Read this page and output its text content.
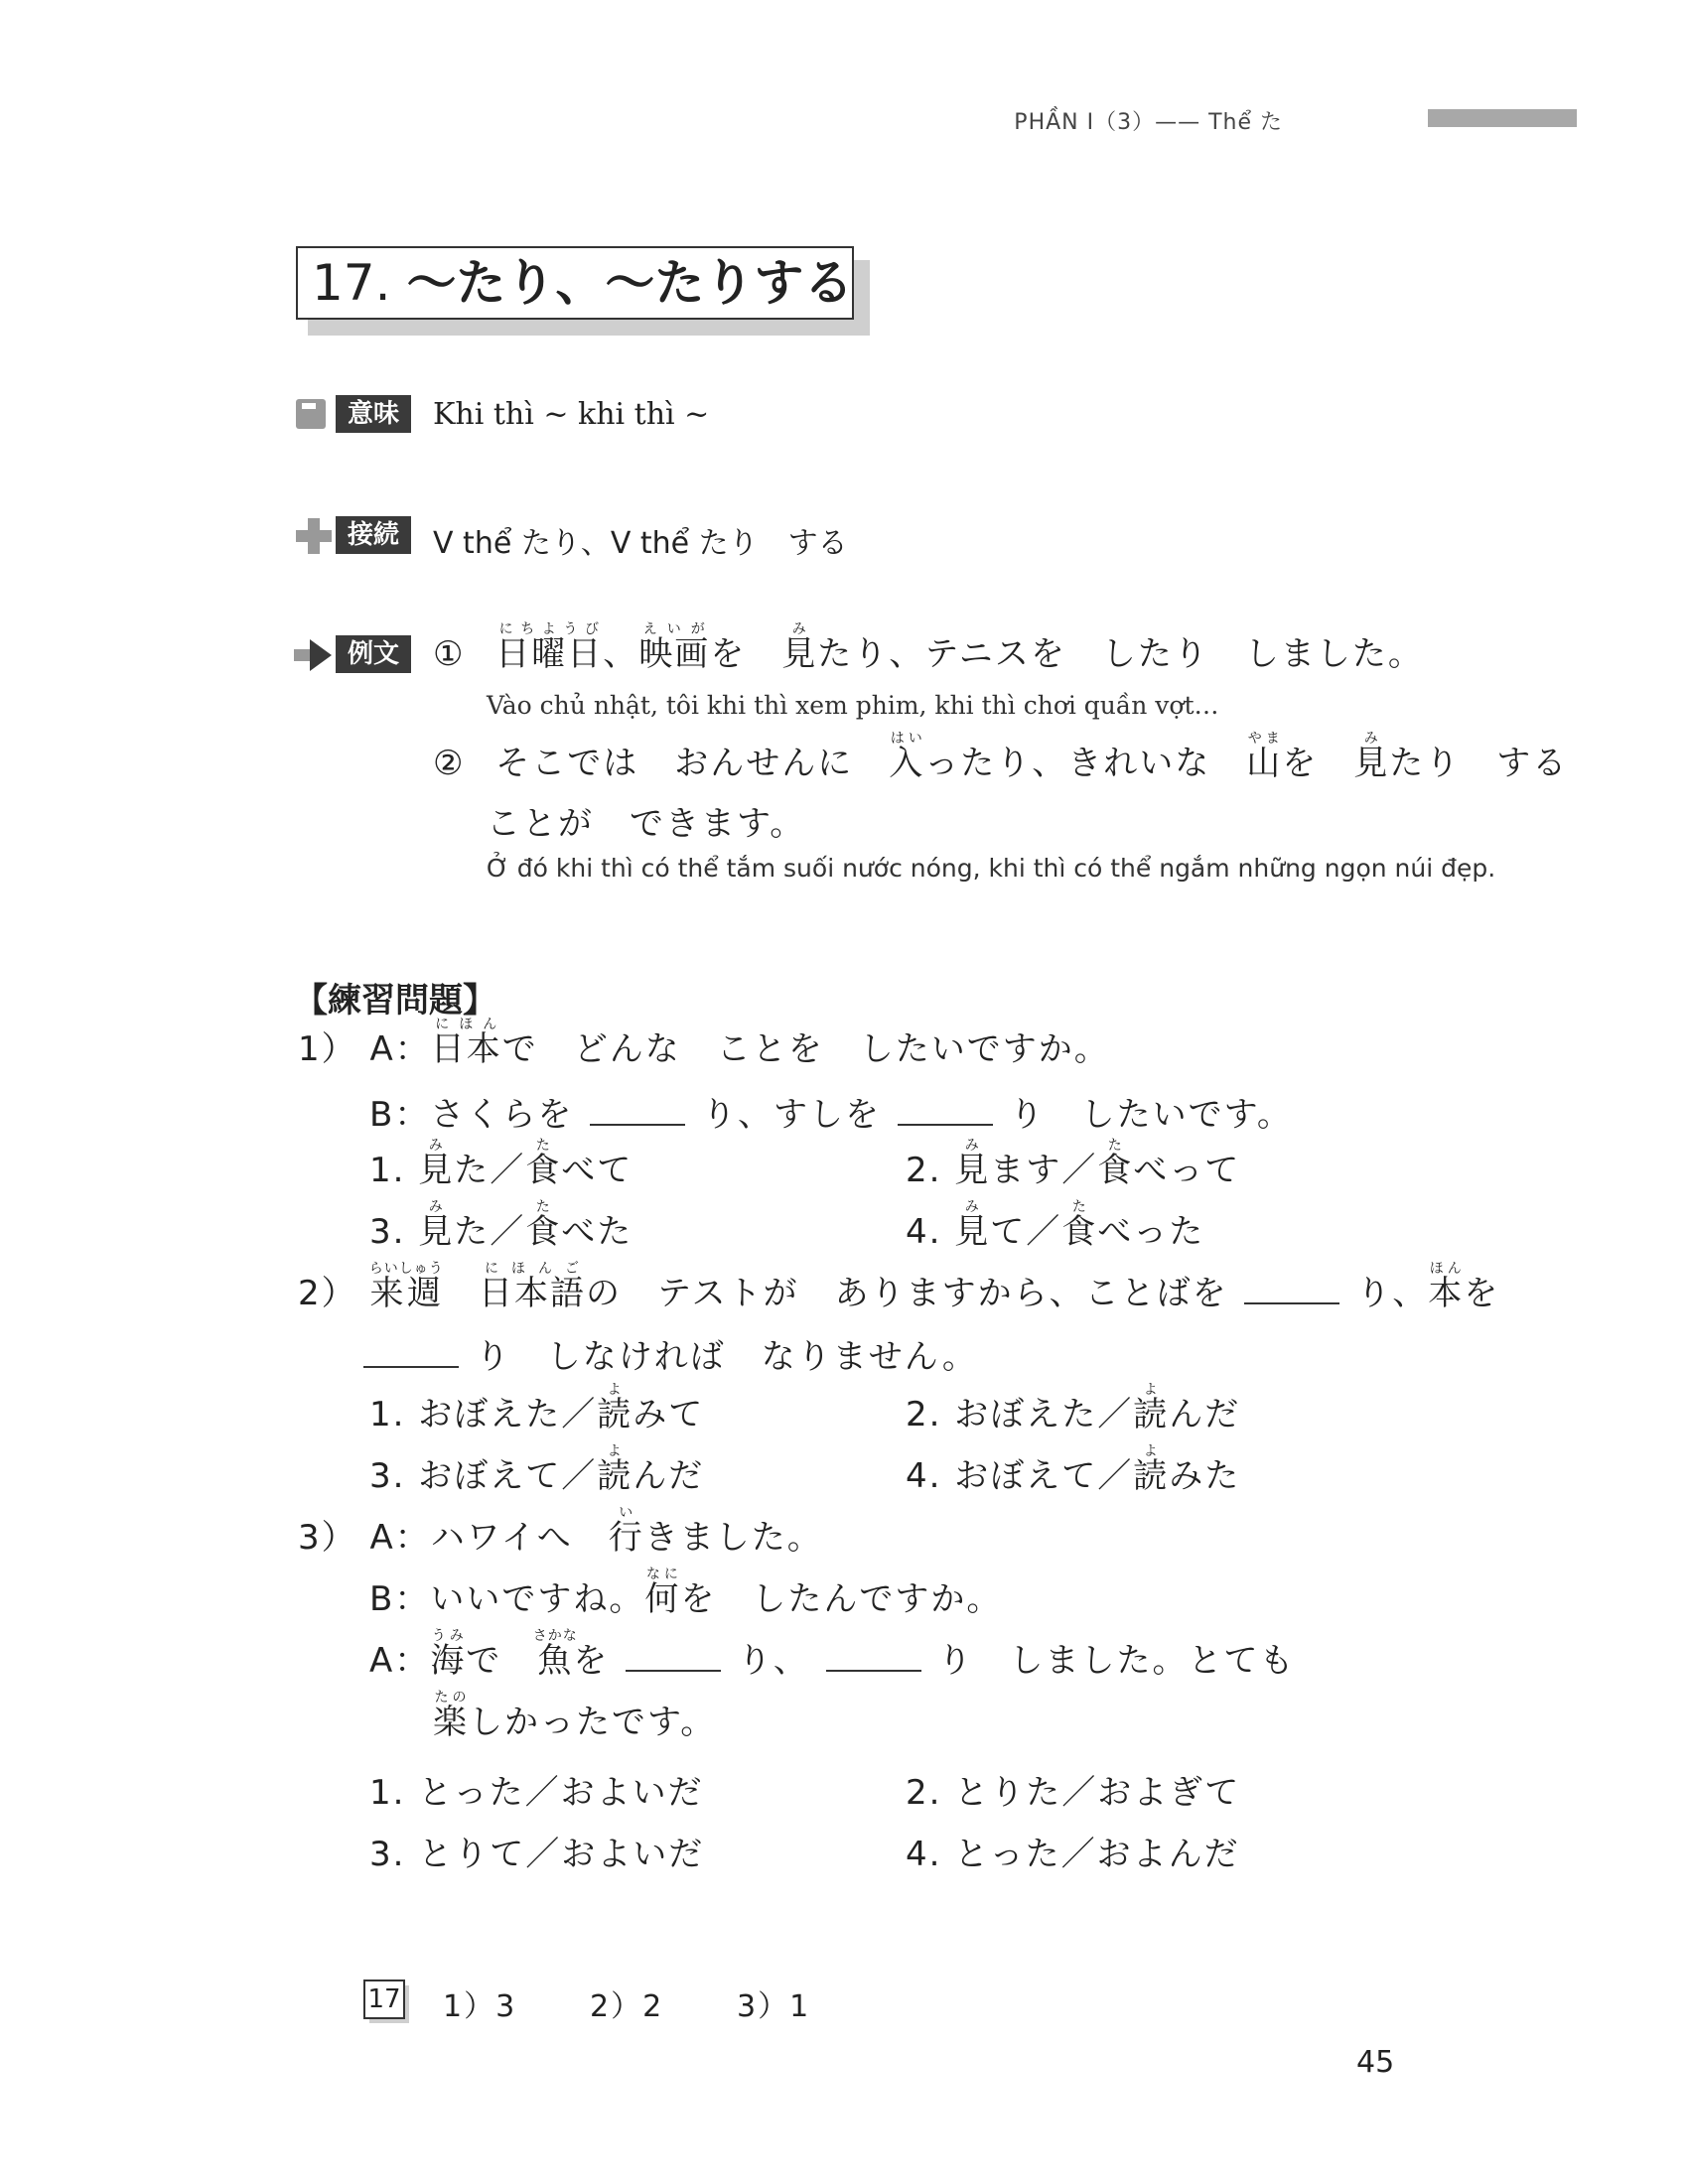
PHẦN Ⅰ（3）—— Thể た
17. 〜たり、〜たりする
意味	Khi thì ~ khi thì ~
接続	V thể たり、V thể たり　する
例文	① 日曜日にちようび、映画えいがを　見みたり、テニスを　したり　しました。
Vào chủ nhật, tôi khi thì xem phim, khi thì chơi quần vợt…
② そこでは　おんせんに　入はいったり、きれいな　山やまを　見みたり　する
ことが　できます。
Ở đó khi thì có thể tắm suối nước nóng, khi thì có thể ngắm những ngọn núi đẹp.
【練習問題】
1） A：日本にほんで　どんな　ことを　したいですか。
B：さくらを	り、すしを	り　したいです。
1. 見みた／食たべて	2. 見みます／食たべって
3. 見みた／食たべた	4. 見みて／食たべった
2） 来週らいしゅう　日本語にほんごの　テストが　ありますから、ことばを	り、本ほんを
り　しなければ　なりません。
1. おぼえた／読よみて	2. おぼえた／読よんだ
3. おぼえて／読よんだ	4. おぼえて／読よみた
3） A：ハワイへ　行いきました。
B：いいですね。何なにを　したんですか。
A：海うみで　魚さかなを	り、	り　しました。とても
楽たのしかったです。
1. とった／およいだ	2. とりた／およぎて
3. とりて／およいだ	4. とった／およんだ
17 1）3 2）2 3）1
45
